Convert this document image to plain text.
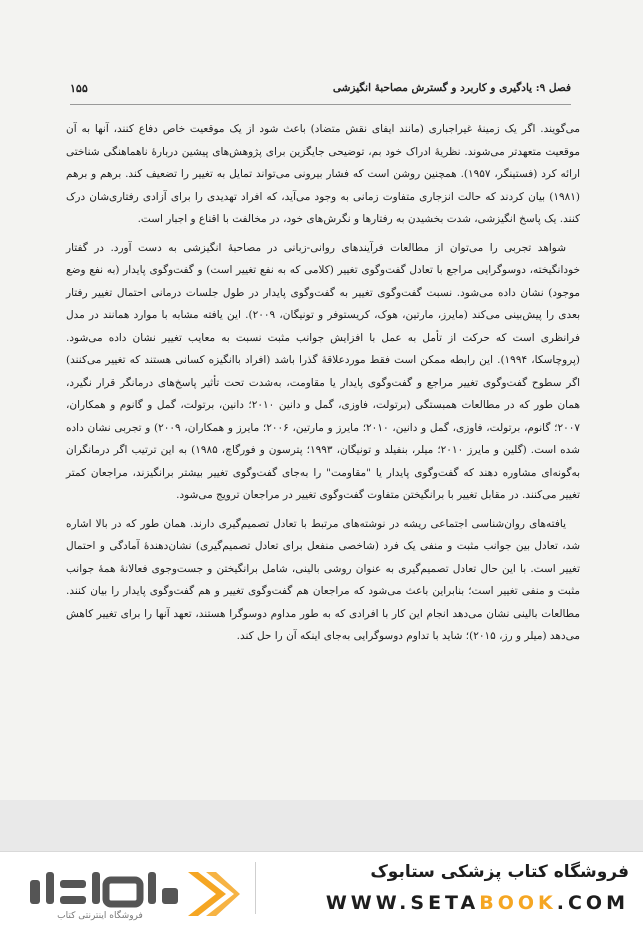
فصل ۹: یادگیری و کاربرد و گسترش مصاحبهٔ انگیزشی
۱۵۵

می‌گویند. اگر یک زمینهٔ غیراجباری (مانند ایفای نقش متضاد) باعث شود از یک موقعیت خاص دفاع کنند، آنها به آن موقعیت متعهدتر می‌شوند. نظریهٔ ادراک خود بم، توضیحی جایگزین برای پژوهش‌های پیشین دربارهٔ ناهماهنگی شناختی ارائه کرد (فستینگر، ۱۹۵۷). همچنین روشن است که فشار بیرونی می‌تواند تمایل به تغییر را تضعیف کند. برهم و برهم (۱۹۸۱) بیان کردند که حالت انزجاری متفاوت زمانی به وجود می‌آید، که افراد تهدیدی را برای آزادی رفتاری‌شان درک کنند. یک پاسخ انگیزشی، شدت بخشیدن به رفتارها و نگرش‌های خود، در مخالفت با اقناع و اجبار است.

شواهد تجربی را می‌توان از مطالعات فرآیندهای روانی-زبانی در مصاحبهٔ انگیزشی به دست آورد. در گفتار خودانگیخته، دوسوگرایی مراجع با تعادل گفت‌وگوی تغییر (کلامی که به نفع تغییر است) و گفت‌وگوی پایدار (به نفع وضع موجود) نشان داده می‌شود. نسبت گفت‌وگوی تغییر به گفت‌وگوی پایدار در طول جلسات درمانی احتمال تغییر رفتار بعدی را پیش‌بینی می‌کند (مایرز، مارتین، هوک، کریستوفر و تونیگان، ۲۰۰۹). این یافته مشابه با موارد همانند در مدل فرانظری است که حرکت از تأمل به عمل با افزایش جوانب مثبت نسبت به معایب تغییر نشان داده می‌شود. (پروچاسکا، ۱۹۹۴). این رابطه ممکن است فقط موردعلاقهٔ گذرا باشد (افراد باانگیزه کسانی هستند که تغییر می‌کنند) اگر سطوح گفت‌وگوی تغییر مراجع و گفت‌وگوی پایدار یا مقاومت، به‌شدت تحت تأثیر پاسخ‌های درمانگر قرار نگیرد، همان طور که در مطالعات همبستگی (برتولت، فاوزی، گمل و دانین ۲۰۱۰؛ دانین، برتولت، گمل و گانوم و همکاران، ۲۰۰۷؛ گانوم، برتولت، فاوزی، گمل و دانین، ۲۰۱۰؛ مایرز و مارتین، ۲۰۰۶؛ مایرز و همکاران، ۲۰۰۹) و تجربی نشان داده شده است. (گلین و مایرز ۲۰۱۰؛ میلر، بنفیلد و تونیگان، ۱۹۹۳؛ پترسون و فورگاچ، ۱۹۸۵) به این ترتیب اگر درمانگران به‌گونه‌ای مشاوره دهند که گفت‌وگوی پایدار یا "مقاومت" را به‌جای گفت‌وگوی تغییر بیشتر برانگیزند، مراجعان کمتر تغییر می‌کنند. در مقابل تغییر با برانگیختن متفاوت گفت‌وگوی تغییر در مراجعان ترویج می‌شود.

یافته‌های روان‌شناسی اجتماعی ریشه در نوشته‌های مرتبط با تعادل تصمیم‌گیری دارند. همان طور که در بالا اشاره شد، تعادل بین جوانب مثبت و منفی یک فرد (شاخصی منفعل برای تعادل تصمیم‌گیری) نشان‌دهندهٔ آمادگی و احتمال تغییر است. با این حال تعادل تصمیم‌گیری به عنوان روشی بالینی، شامل برانگیختن و جست‌وجوی فعالانهٔ همهٔ جوانب مثبت و منفی تغییر است؛ بنابراین باعث می‌شود که مراجعان هم گفت‌وگوی تغییر و هم گفت‌وگوی پایدار را بیان کنند. مطالعات بالینی نشان می‌دهد انجام این کار با افرادی که به طور مداوم دوسوگرا هستند، تعهد آنها را برای تغییر کاهش می‌دهد (میلر و رز، ۲۰۱۵)؛ شاید با تداوم دوسوگرایی به‌جای اینکه آن را حل کند.

فروشگاه اینترنتی کتاب
فروشگاه کتاب پزشکی ستابوک
WWW.SETABOOK.COM
